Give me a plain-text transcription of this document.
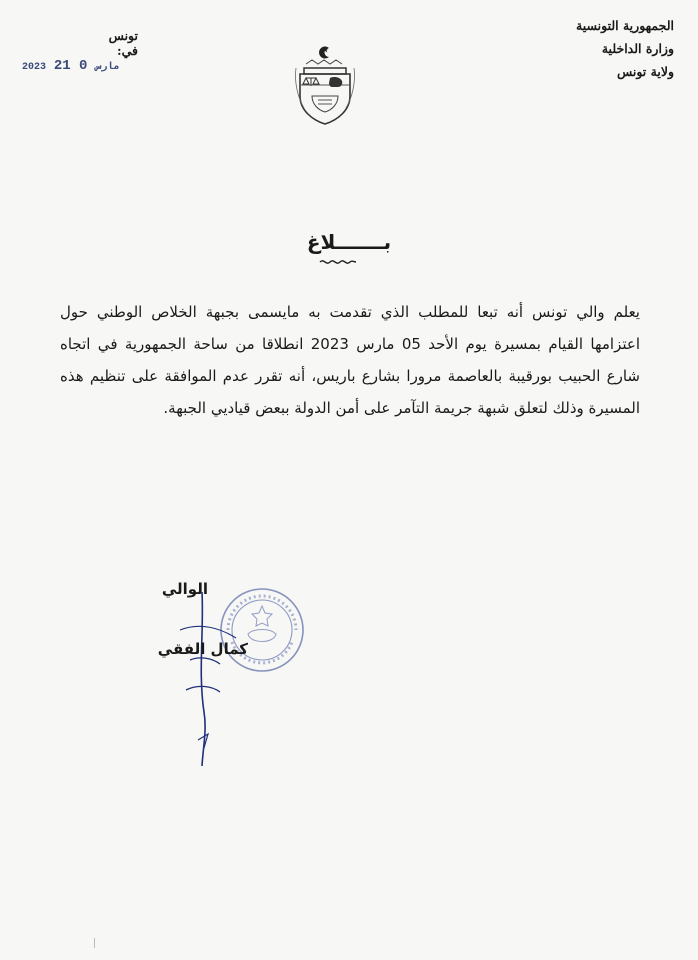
الجمهورية التونسية
وزارة الداخلية
ولاية تونس
تونس في:
2023	مارس 0 21
بـــــــلاغ
يعلم والي تونس أنه تبعا للمطلب الذي تقدمت به مايسمى بجبهة الخلاص الوطني حول اعتزامها القيام بمسيرة يوم الأحد 05 مارس 2023 انطلاقا من ساحة الجمهورية في اتجاه شارع الحبيب بورقيبة بالعاصمة مرورا بشارع باريس، أنه تقرر عدم الموافقة على تنظيم هذه المسيرة وذلك لتعلق شبهة جريمة التآمر على أمن الدولة ببعض قياديي الجبهة.
الوالي
كمال الفقي
